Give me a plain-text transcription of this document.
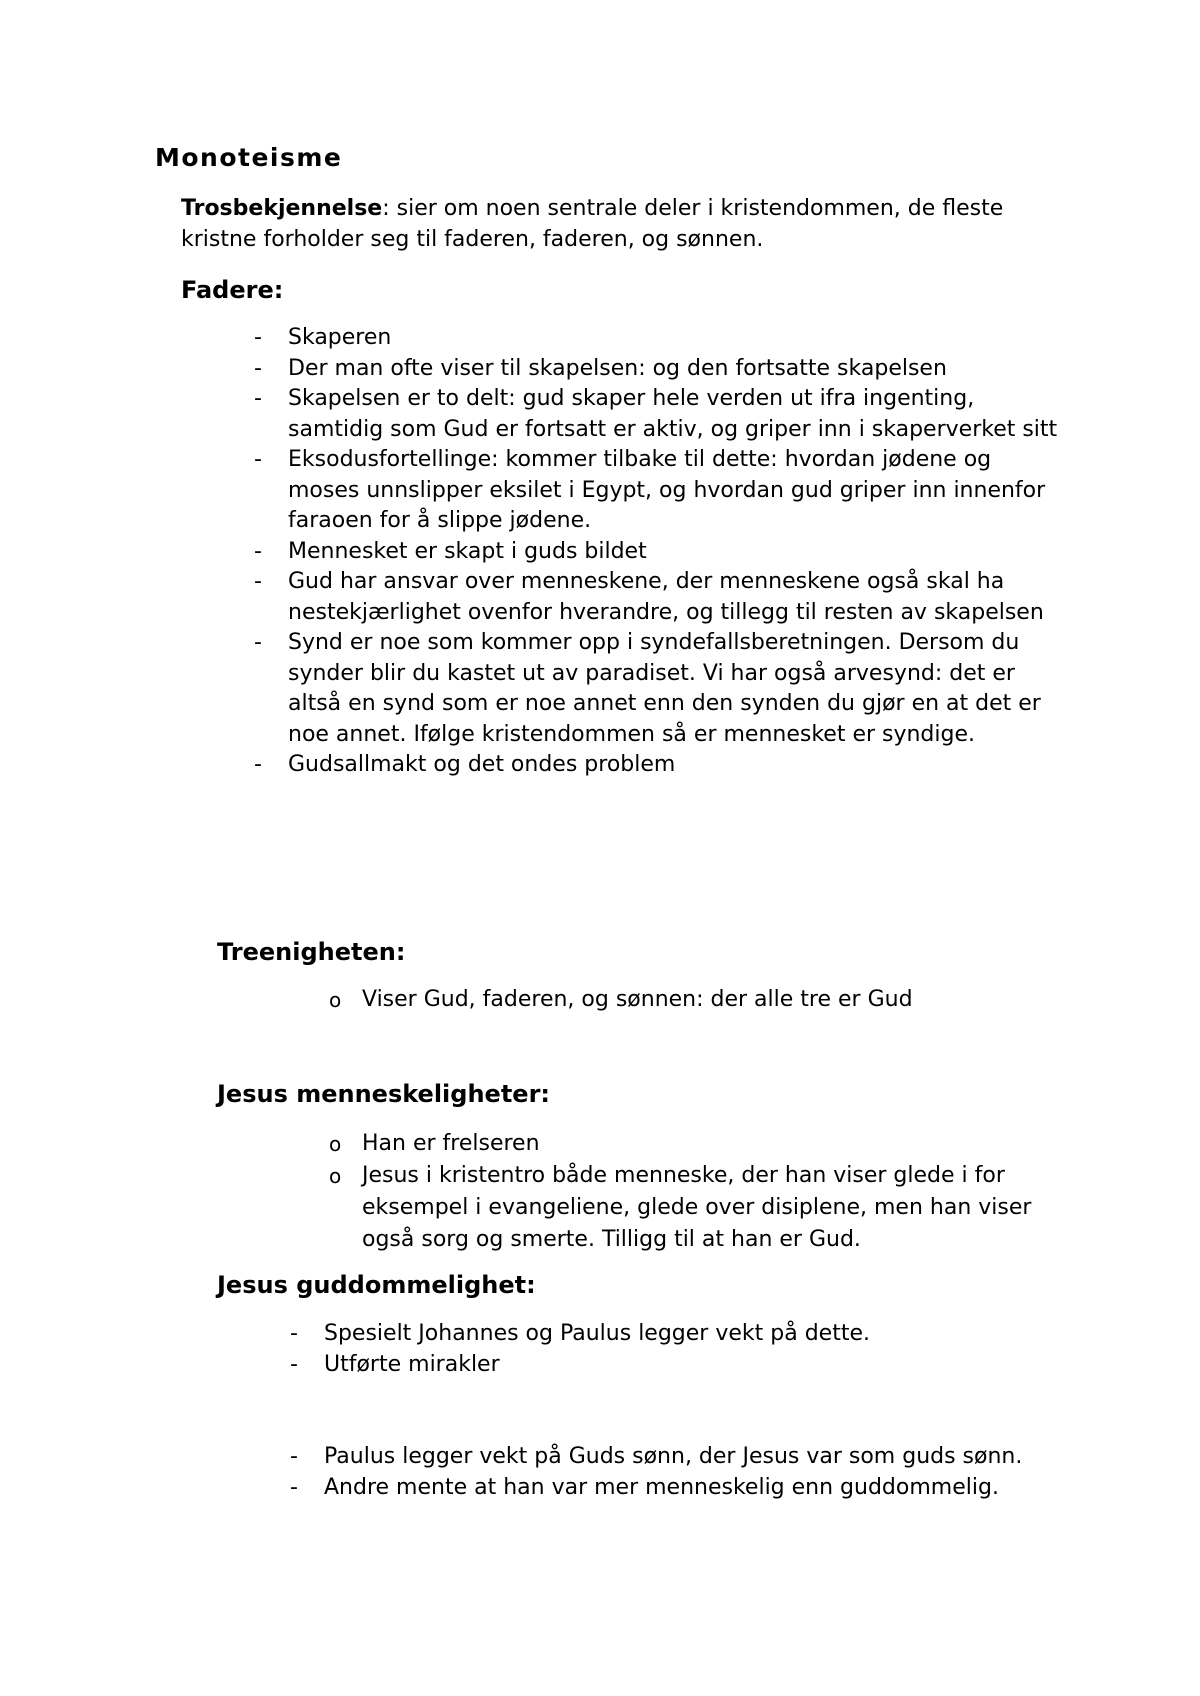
Monoteisme

Trosbekjennelse: sier om noen sentrale deler i kristendommen, de fleste kristne forholder seg til faderen, faderen, og sønnen.

Fadere:
- Skaperen
- Der man ofte viser til skapelsen: og den fortsatte skapelsen
- Skapelsen er to delt: gud skaper hele verden ut ifra ingenting, samtidig som Gud er fortsatt er aktiv, og griper inn i skaperverket sitt
- Eksodusfortellinge: kommer tilbake til dette: hvordan jødene og moses unnslipper eksilet i Egypt, og hvordan gud griper inn innenfor faraoen for å slippe jødene.
- Mennesket er skapt i guds bildet
- Gud har ansvar over menneskene, der menneskene også skal ha nestekjærlighet ovenfor hverandre, og tillegg til resten av skapelsen
- Synd er noe som kommer opp i syndefallsberetningen. Dersom du synder blir du kastet ut av paradiset. Vi har også arvesynd: det er altså en synd som er noe annet enn den synden du gjør en at det er noe annet. Ifølge kristendommen så er mennesket er syndige.
- Gudsallmakt og det ondes problem
Treenigheten:
o Viser Gud, faderen, og sønnen: der alle tre er Gud
Jesus menneskeligheter:
o Han er frelseren
o Jesus i kristentro både menneske, der han viser glede i for eksempel i evangeliene, glede over disiplene, men han viser også sorg og smerte. Tilligg til at han er Gud.
Jesus guddommelighet:
- Spesielt Johannes og Paulus legger vekt på dette.
- Utførte mirakler
- Paulus legger vekt på Guds sønn, der Jesus var som guds sønn.
- Andre mente at han var mer menneskelig enn guddommelig.
